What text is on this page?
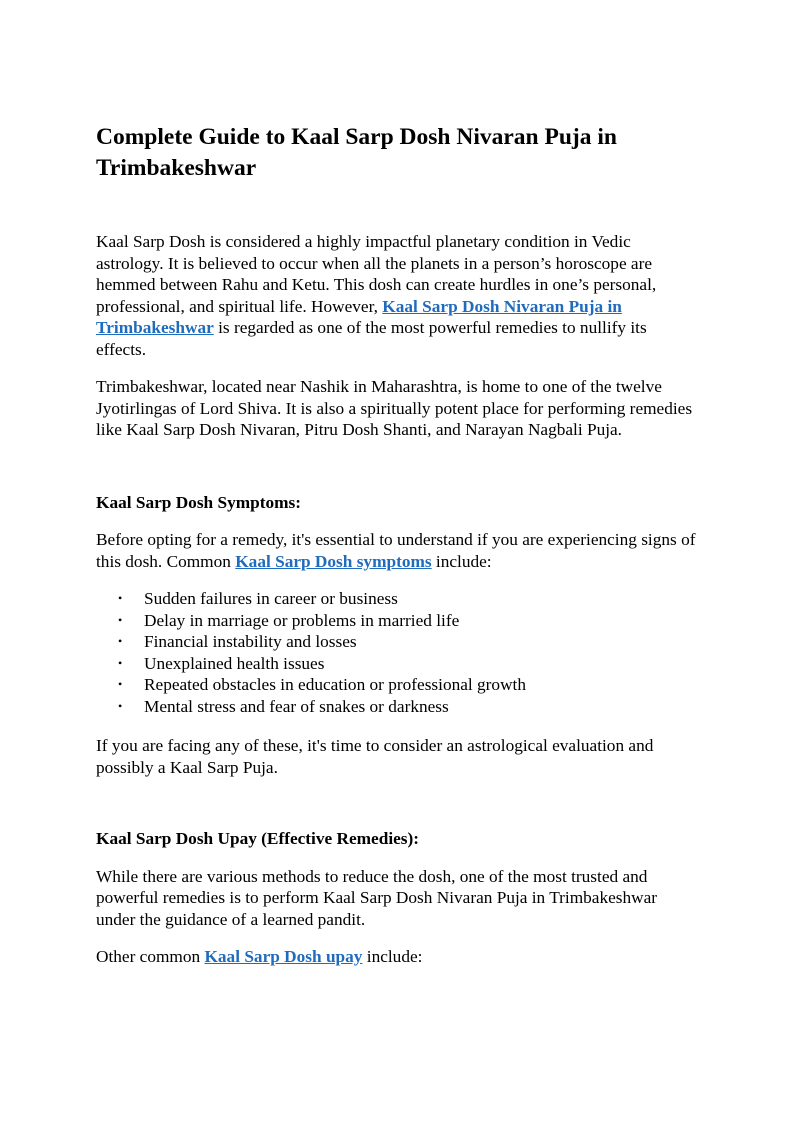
Complete Guide to Kaal Sarp Dosh Nivaran Puja in Trimbakeshwar

Kaal Sarp Dosh is considered a highly impactful planetary condition in Vedic astrology. It is believed to occur when all the planets in a person’s horoscope are hemmed between Rahu and Ketu. This dosh can create hurdles in one’s personal, professional, and spiritual life. However, Kaal Sarp Dosh Nivaran Puja in Trimbakeshwar is regarded as one of the most powerful remedies to nullify its effects.

Trimbakeshwar, located near Nashik in Maharashtra, is home to one of the twelve Jyotirlingas of Lord Shiva. It is also a spiritually potent place for performing remedies like Kaal Sarp Dosh Nivaran, Pitru Dosh Shanti, and Narayan Nagbali Puja.

Kaal Sarp Dosh Symptoms:

Before opting for a remedy, it's essential to understand if you are experiencing signs of this dosh. Common Kaal Sarp Dosh symptoms include:

• Sudden failures in career or business
• Delay in marriage or problems in married life
• Financial instability and losses
• Unexplained health issues
• Repeated obstacles in education or professional growth
• Mental stress and fear of snakes or darkness

If you are facing any of these, it's time to consider an astrological evaluation and possibly a Kaal Sarp Puja.

Kaal Sarp Dosh Upay (Effective Remedies):

While there are various methods to reduce the dosh, one of the most trusted and powerful remedies is to perform Kaal Sarp Dosh Nivaran Puja in Trimbakeshwar under the guidance of a learned pandit.

Other common Kaal Sarp Dosh upay include:
